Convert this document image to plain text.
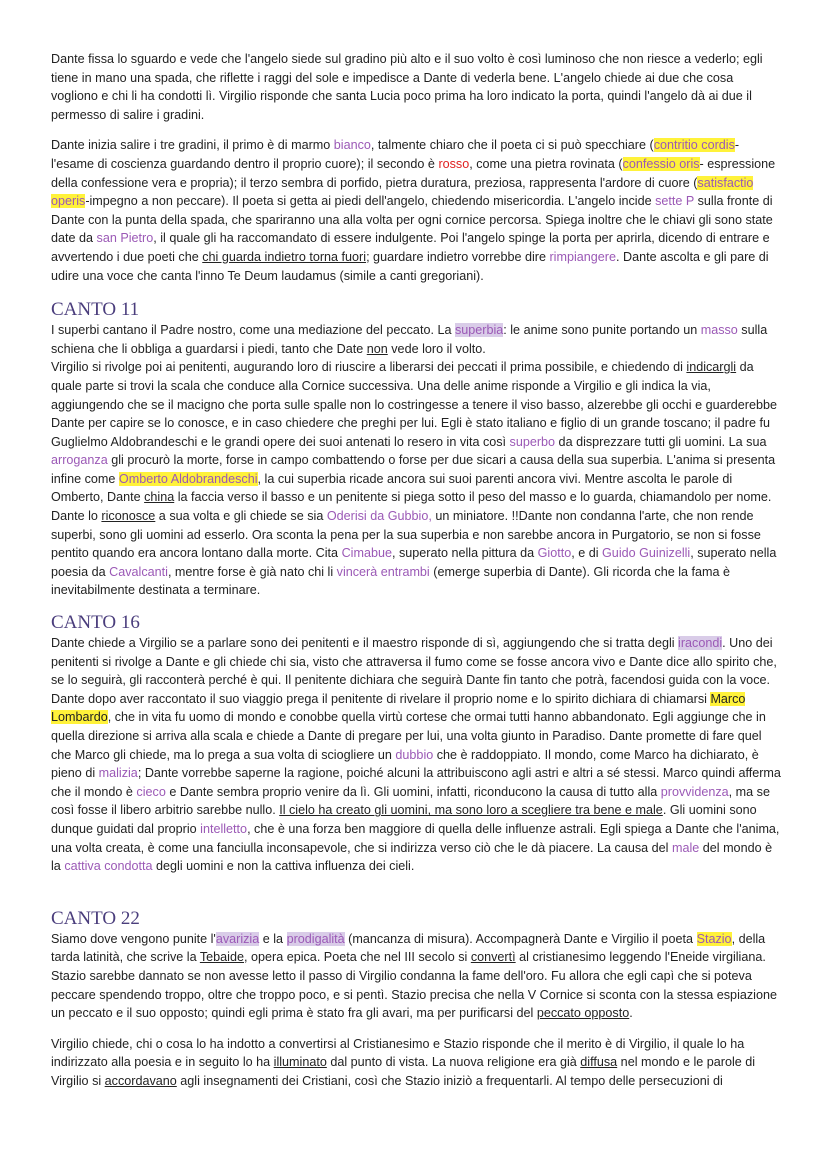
Dante fissa lo sguardo e vede che l'angelo siede sul gradino più alto e il suo volto è così luminoso che non riesce a vederlo; egli tiene in mano una spada, che riflette i raggi del sole e impedisce a Dante di vederla bene. L'angelo chiede ai due che cosa vogliono e chi li ha condotti lì. Virgilio risponde che santa Lucia poco prima ha loro indicato la porta, quindi l'angelo dà ai due il permesso di salire i gradini.

Dante inizia salire i tre gradini, il primo è di marmo bianco, talmente chiaro che il poeta ci si può specchiare (contritio cordis-l'esame di coscienza guardando dentro il proprio cuore); il secondo è rosso, come una pietra rovinata (confessio oris- espressione della confessione vera e propria); il terzo sembra di porfido, pietra duratura, preziosa, rappresenta l'ardore di cuore (satisfactio operis-impegno a non peccare). Il poeta si getta ai piedi dell'angelo, chiedendo misericordia. L'angelo incide sette P sulla fronte di Dante con la punta della spada, che spariranno una alla volta per ogni cornice percorsa. Spiega inoltre che le chiavi gli sono state date da san Pietro, il quale gli ha raccomandato di essere indulgente. Poi l'angelo spinge la porta per aprirla, dicendo di entrare e avvertendo i due poeti che chi guarda indietro torna fuori; guardare indietro vorrebbe dire rimpiangere. Dante ascolta e gli pare di udire una voce che canta l'inno Te Deum laudamus (simile a canti gregoriani).

CANTO 11

I superbi cantano il Padre nostro, come una mediazione del peccato. La superbia: le anime sono punite portando un masso sulla schiena che li obbliga a guardarsi i piedi, tanto che Date non vede loro il volto.

Virgilio si rivolge poi ai penitenti, augurando loro di riuscire a liberarsi dei peccati il prima possibile, e chiedendo di indicargli da quale parte si trovi la scala che conduce alla Cornice successiva. Una delle anime risponde a Virgilio e gli indica la via, aggiungendo che se il macigno che porta sulle spalle non lo costringesse a tenere il viso basso, alzerebbe gli occhi e guarderebbe Dante per capire se lo conosce, e in caso chiedere che preghi per lui. Egli è stato italiano e figlio di un grande toscano; il padre fu Guglielmo Aldobrandeschi e le grandi opere dei suoi antenati lo resero in vita così superbo da disprezzare tutti gli uomini. La sua arroganza gli procurò la morte, forse in campo combattendo o forse per due sicari a causa della sua superbia. L'anima si presenta infine come Omberto Aldobrandeschi, la cui superbia ricade ancora sui suoi parenti ancora vivi. Mentre ascolta le parole di Omberto, Dante china la faccia verso il basso e un penitente si piega sotto il peso del masso e lo guarda, chiamandolo per nome. Dante lo riconosce a sua volta e gli chiede se sia Oderisi da Gubbio, un miniatore. !!Dante non condanna l'arte, che non rende superbi, sono gli uomini ad esserlo. Ora sconta la pena per la sua superbia e non sarebbe ancora in Purgatorio, se non si fosse pentito quando era ancora lontano dalla morte. Cita Cimabue, superato nella pittura da Giotto, e di Guido Guinizelli, superato nella poesia da Cavalcanti, mentre forse è già nato chi li vincerà entrambi (emerge superbia di Dante). Gli ricorda che la fama è inevitabilmente destinata a terminare.

CANTO 16

Dante chiede a Virgilio se a parlare sono dei penitenti e il maestro risponde di sì, aggiungendo che si tratta degli iracondi. Uno dei penitenti si rivolge a Dante e gli chiede chi sia, visto che attraversa il fumo come se fosse ancora vivo e Dante dice allo spirito che, se lo seguirà, gli racconterà perché è qui. Il penitente dichiara che seguirà Dante fin tanto che potrà, facendosi guida con la voce. Dante dopo aver raccontato il suo viaggio prega il penitente di rivelare il proprio nome e lo spirito dichiara di chiamarsi Marco Lombardo, che in vita fu uomo di mondo e conobbe quella virtù cortese che ormai tutti hanno abbandonato. Egli aggiunge che in quella direzione si arriva alla scala e chiede a Dante di pregare per lui, una volta giunto in Paradiso. Dante promette di fare quel che Marco gli chiede, ma lo prega a sua volta di sciogliere un dubbio che è raddoppiato. Il mondo, come Marco ha dichiarato, è pieno di malizia; Dante vorrebbe saperne la ragione, poiché alcuni la attribuiscono agli astri e altri a sé stessi. Marco quindi afferma che il mondo è cieco e Dante sembra proprio venire da lì. Gli uomini, infatti, riconducono la causa di tutto alla provvidenza, ma se così fosse il libero arbitrio sarebbe nullo. Il cielo ha creato gli uomini, ma sono loro a scegliere tra bene e male. Gli uomini sono dunque guidati dal proprio intelletto, che è una forza ben maggiore di quella delle influenze astrali. Egli spiega a Dante che l'anima, una volta creata, è come una fanciulla inconsapevole, che si indirizza verso ciò che le dà piacere. La causa del male del mondo è la cattiva condotta degli uomini e non la cattiva influenza dei cieli.

CANTO 22

Siamo dove vengono punite l'avarizia e la prodigalità (mancanza di misura). Accompagnerà Dante e Virgilio il poeta Stazio, della tarda latinità, che scrive la Tebaide, opera epica. Poeta che nel III secolo si convertì al cristianesimo leggendo l'Eneide virgiliana. Stazio sarebbe dannato se non avesse letto il passo di Virgilio condanna la fame dell'oro. Fu allora che egli capì che si poteva peccare spendendo troppo, oltre che troppo poco, e si pentì. Stazio precisa che nella V Cornice si sconta con la stessa espiazione un peccato e il suo opposto; quindi egli prima è stato fra gli avari, ma per purificarsi del peccato opposto.

Virgilio chiede, chi o cosa lo ha indotto a convertirsi al Cristianesimo e Stazio risponde che il merito è di Virgilio, il quale lo ha indirizzato alla poesia e in seguito lo ha illuminato dal punto di vista. La nuova religione era già diffusa nel mondo e le parole di Virgilio si accordavano agli insegnamenti dei Cristiani, così che Stazio iniziò a frequentarli. Al tempo delle persecuzioni di
